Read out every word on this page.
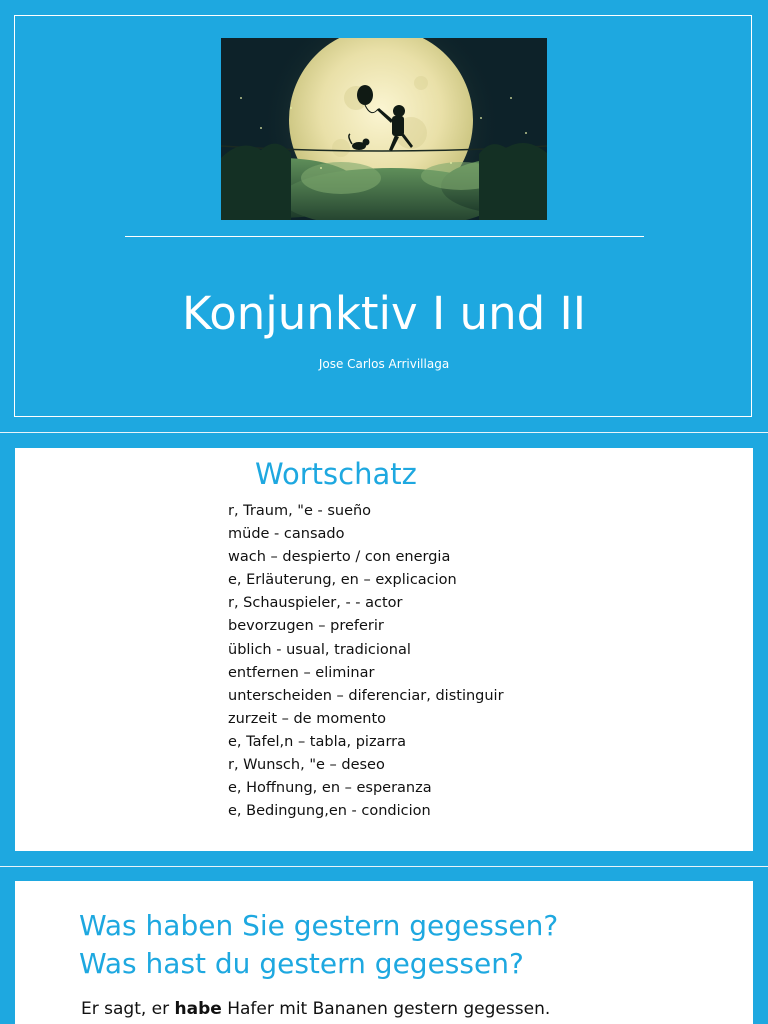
Konjunktiv I und II
Jose Carlos Arrivillaga
Wortschatz
r, Traum, "e - sueño
müde - cansado
wach – despierto / con energia
e, Erläuterung, en – explicacion
r, Schauspieler, - - actor
bevorzugen – preferir
üblich - usual, tradicional
entfernen – eliminar
unterscheiden – diferenciar, distinguir
zurzeit – de momento
e, Tafel,n – tabla, pizarra
r, Wunsch, "e – deseo
e, Hoffnung, en – esperanza
e, Bedingung,en - condicion
Was haben Sie gestern gegessen?
Was hast du gestern gegessen?
Er sagt, er habe Hafer mit Bananen gestern gegessen.
